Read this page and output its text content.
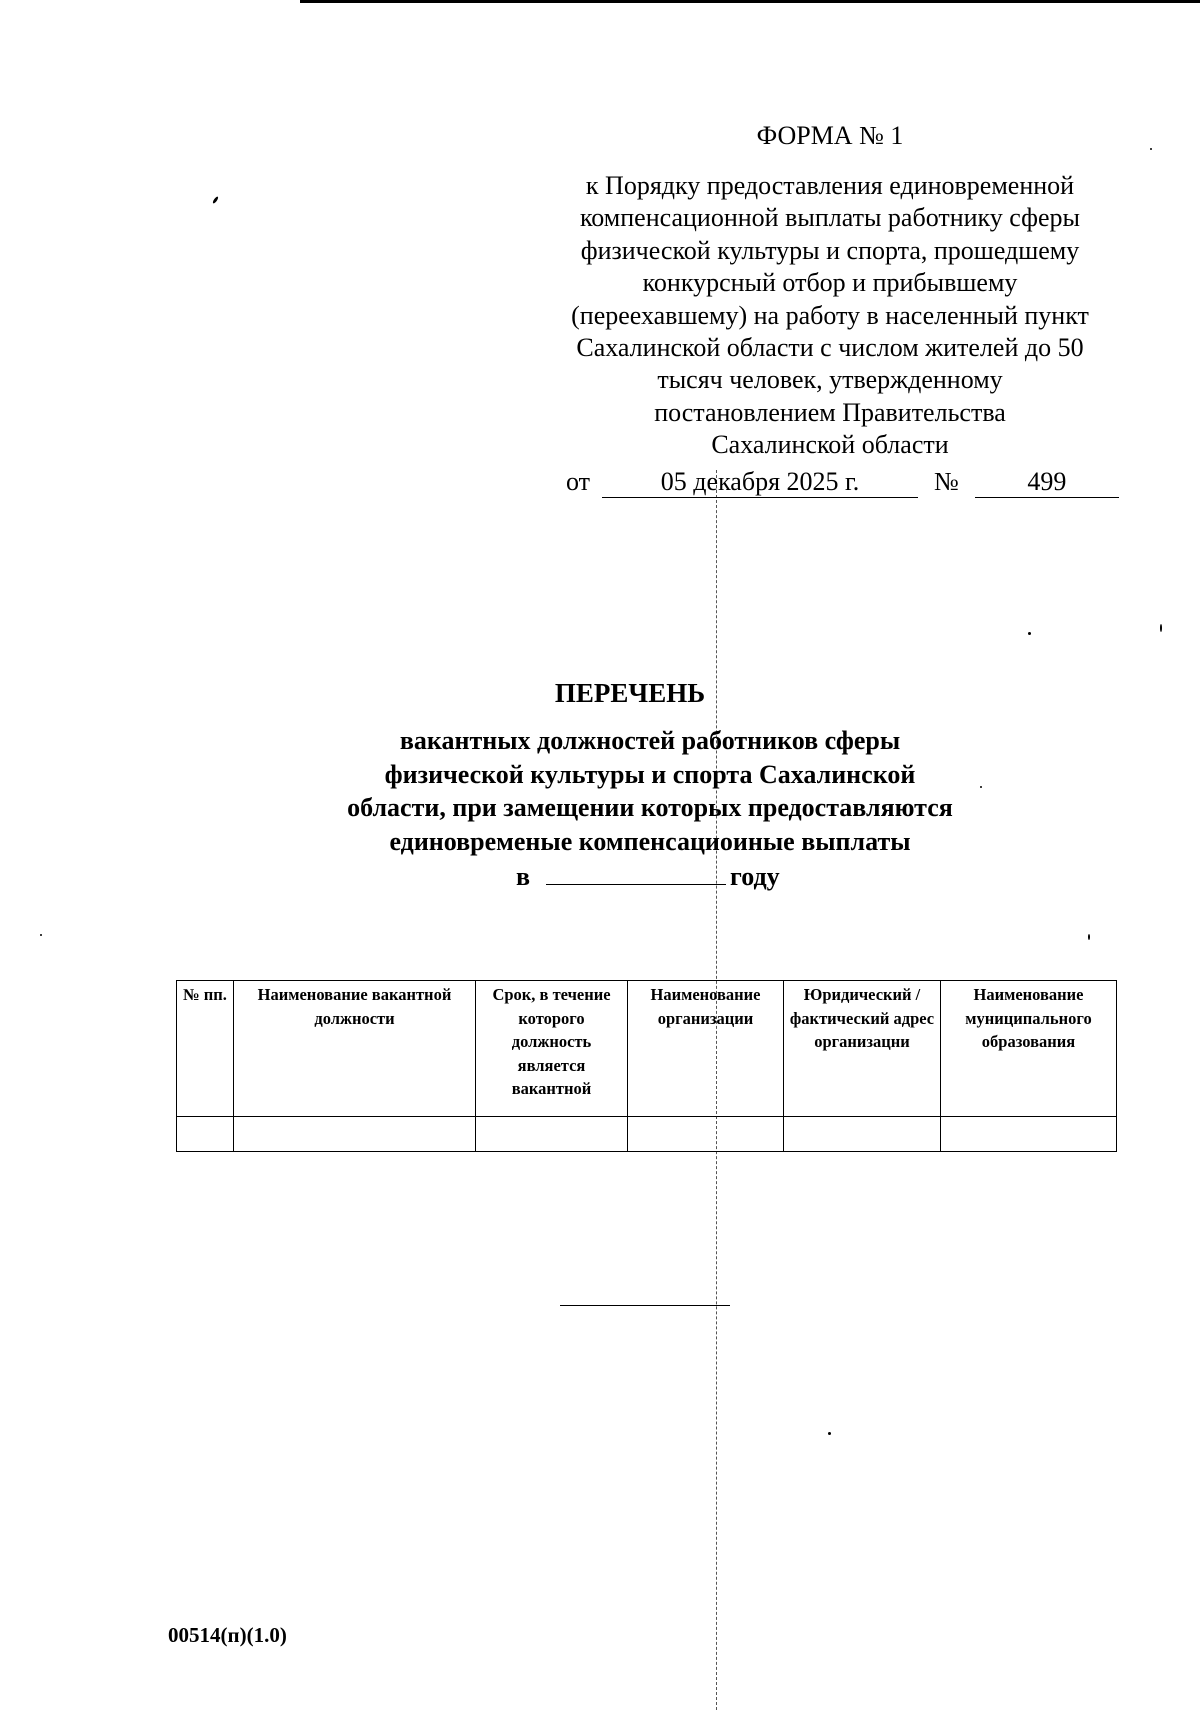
ФОРМА № 1
к Порядку предоставления единовременной
компенсационной выплаты работнику сферы
физической культуры и спорта, прошедшему
конкурсный отбор и прибывшему
(переехавшему) на работу в населенный пункт
Сахалинской области с числом жителей до 50
тысяч человек, утвержденному
постановлением Правительства
Сахалинской области
от	05 декабря 2025 г.	№	499
ПЕРЕЧЕНЬ
вакантных должностей работников сферы
физической культуры и спорта Сахалинской
области, при замещении которых предоставляются
единовременые компенсациоиные выплаты
в	году
№ пп.	Наименование вакантной должности	Срок, в течение которого должность является вакантной	Наименование организации	Юридический / фактический адрес организацни	Наименование муниципального образования

00514(п)(1.0)
